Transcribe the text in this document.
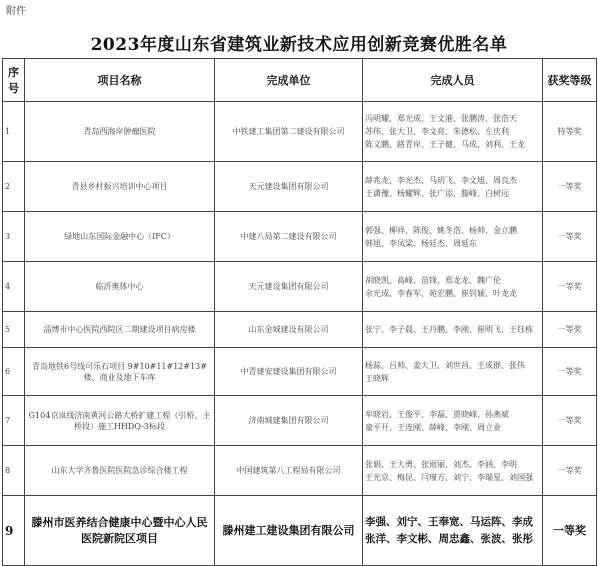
附件
2023年度山东省建筑业新技术应用创新竞赛优胜名单
序号	项目名称	完成单位	完成人员	获奖等级
1	青岛西海岸肿瘤医院	中铁建工集团第二建设有限公司	冯明耀、郑光成、王文港、张鹏涛、张浩天
苏伟、张大卫、李文亮、朱德松、左庆利
陈义鹏、路青岸、王子健、马成、刘利、王龙	特等奖
2	青县乡村振兴培训中心项目	天元建设集团有限公司	薛兆龙、李光杰、马玥飞、李文旭、周良杰
王潇豫、杨耀辉、张广添、滕峰、白树远	一等奖
3	绿地山东国际金融中心（IFC）	中建八局第二建设有限公司	郭强、柳祥、陈俊、姚冬浩、杨帅、金立鹏
韩旭、李凤梁、杨廷杰、周延东	一等奖
4	临沂奥体中心	天元建设集团有限公司	胡晓凯、高峰、苗锋、郑龙龙、魏广伦
余光成、李春军、苑宏鹏、崔钊颖、叶龙龙	一等奖
5	淄博市中心医院西院区二期建设项目病房楼	山东金城建设有限公司	张宁、李子晨、王丹鹏、李刚、崔明飞、王钰栋	一等奖
6	青岛地铁6号线可乐石项目 9#10#11#12#13#楼、商业及地下车库	中青建安建设集团有限公司	杨蕊、吕帅、姜大卫、刘世昌、王成群、张伟
王晓辉	一等奖
7	G104京岚线济南黄河公路大桥扩建工程（引桥、主桥段）施工HHDQ-3标段	济南城建集团有限公司	牟晓岩、王俊平、李磊、贾晓峰、孙燕斌
童平开、王连刚、薛峰、李刚、周立业	一等奖
8	山东大学齐鲁医院医院急诊综合楼工程	中国建筑第八工程局有限公司	张娟、王大勇、张雨丽、刘杰、李涵、李明
王光京、梅昆、闫瑾方、刘宁、李瑞星、刘国强	一等奖
9	滕州市医养结合健康中心暨中心人民医院新院区项目	滕州建工建设集团有限公司	李强、刘宁、王奉宽、马运阵、李成
张洋、李文彬、周忠鑫、张波、张彤	一等奖
